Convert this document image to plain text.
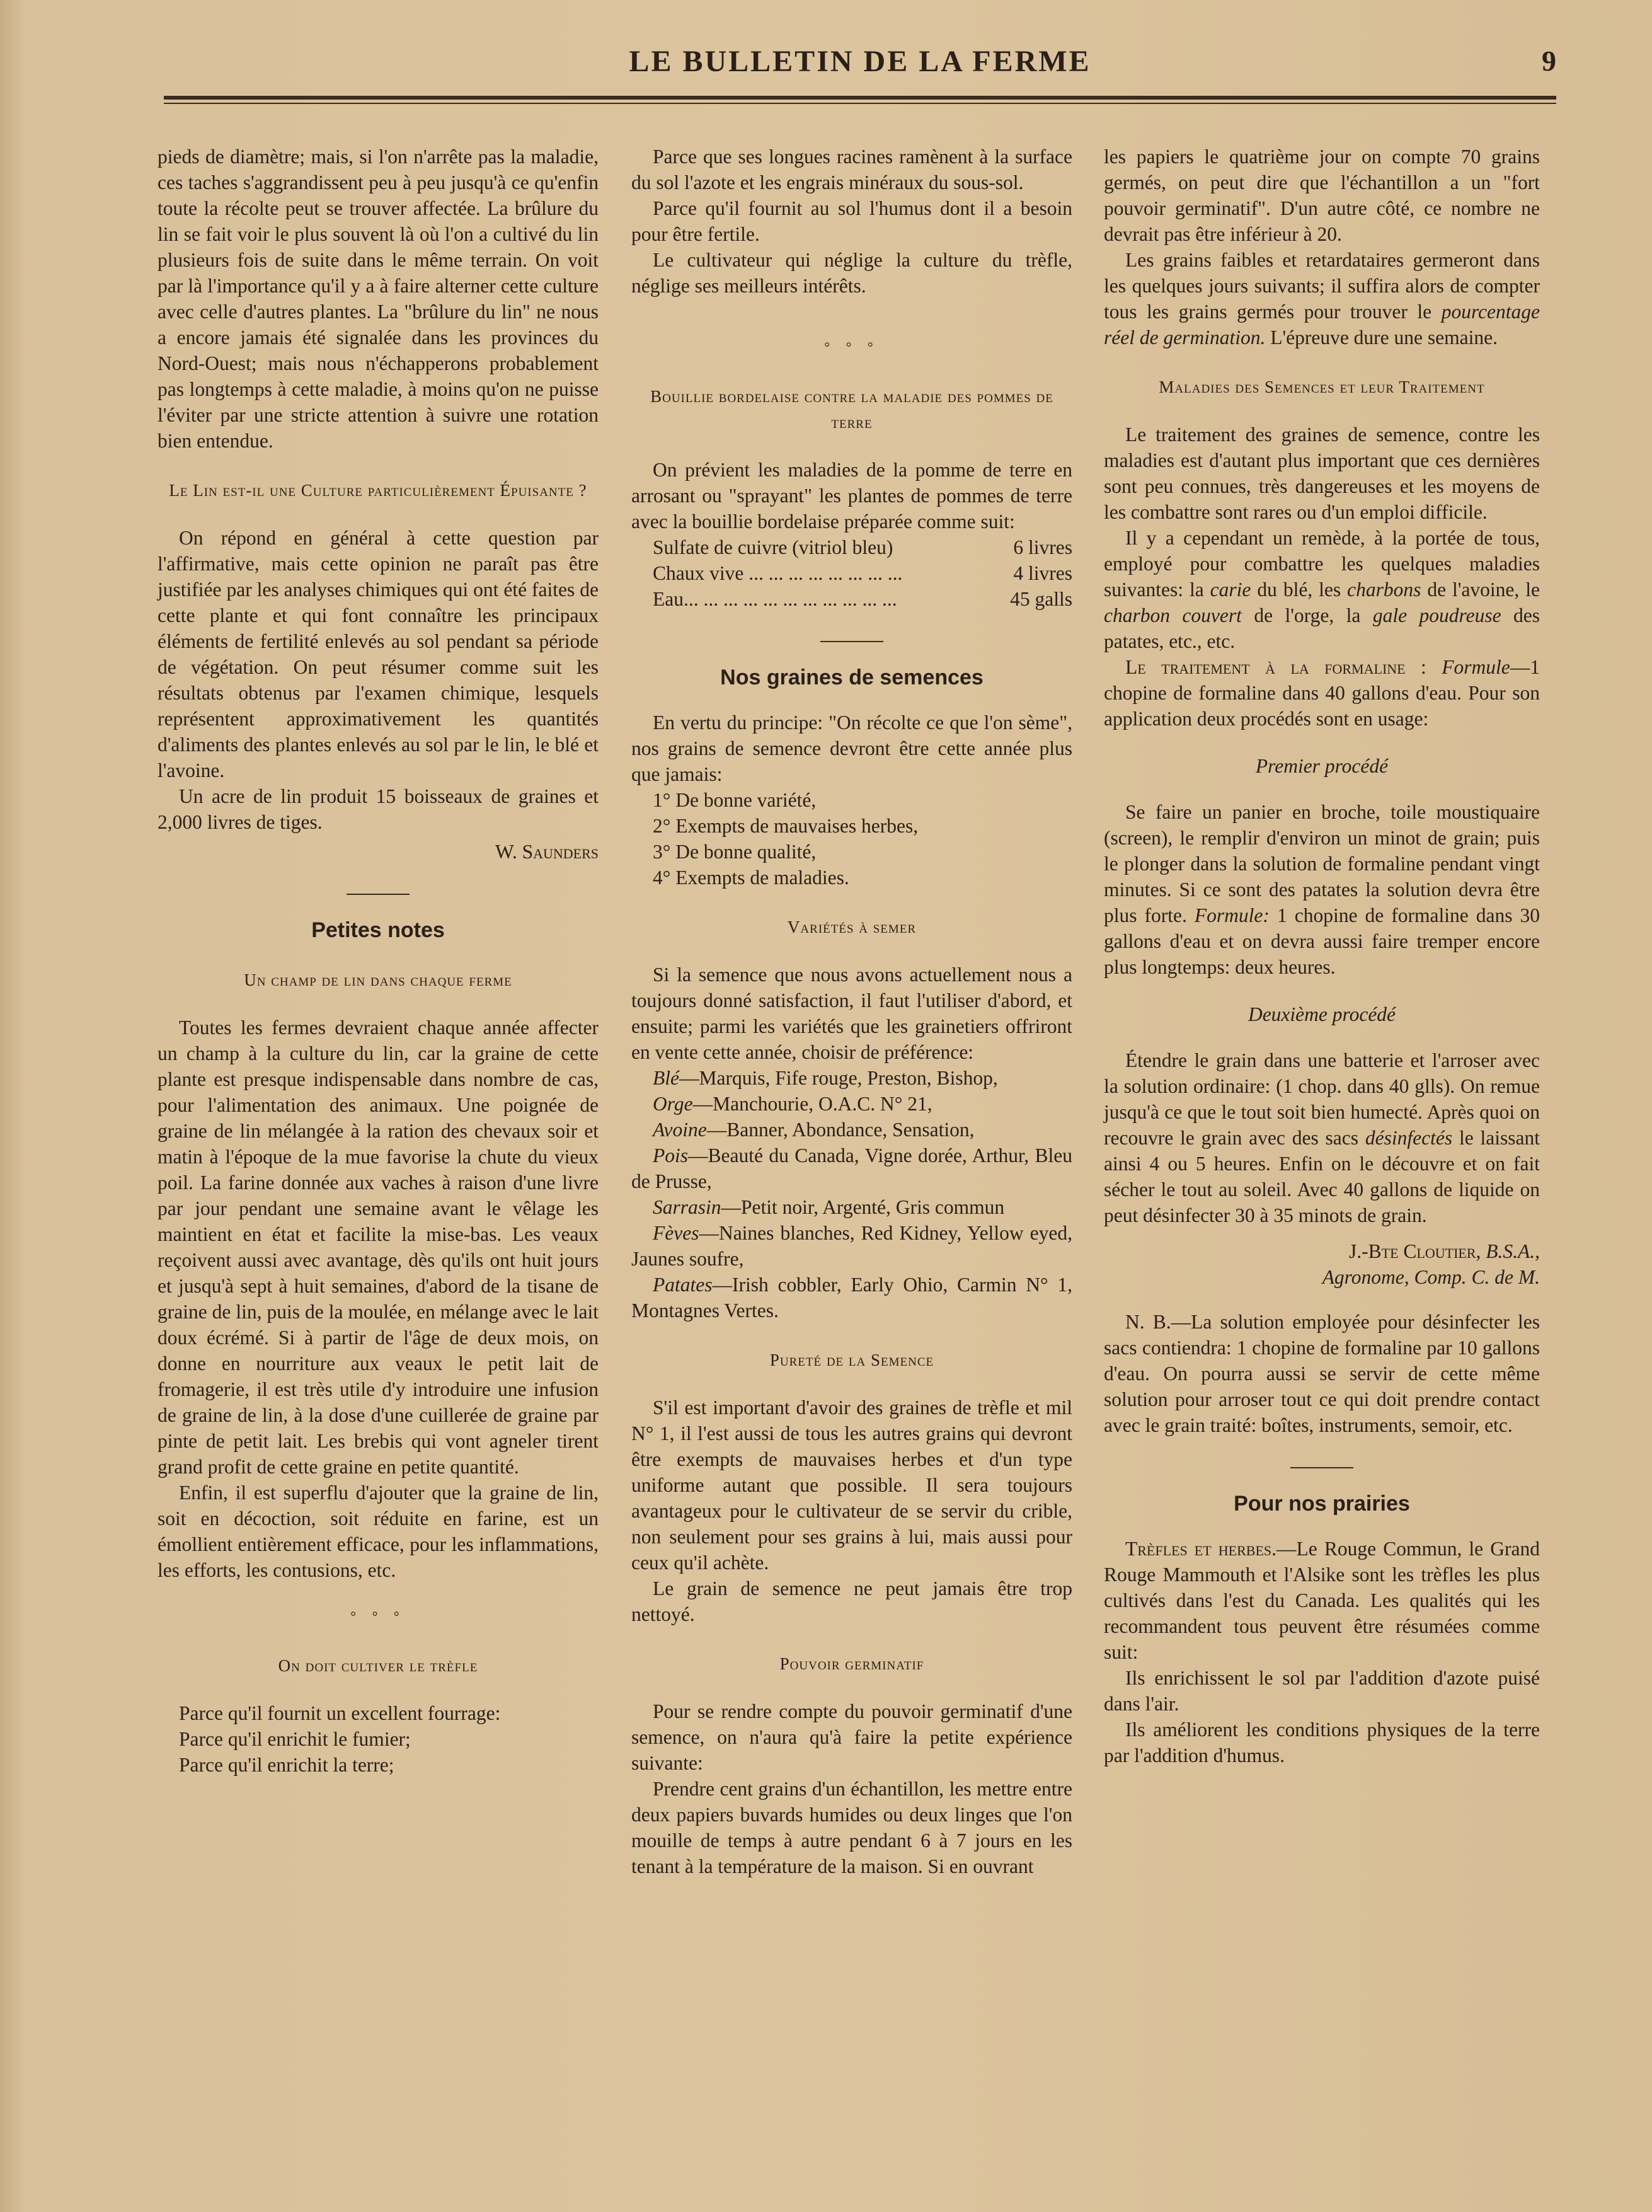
LE BULLETIN DE LA FERME	9

pieds de diamètre; mais, si l'on n'arrête pas la maladie, ces taches s'aggrandissent peu à peu jusqu'à ce qu'enfin toute la récolte peut se trouver affectée. La brûlure du lin se fait voir le plus souvent là où l'on a cultivé du lin plusieurs fois de suite dans le même terrain. On voit par là l'importance qu'il y a à faire alterner cette culture avec celle d'autres plantes. La "brûlure du lin" ne nous a encore jamais été signalée dans les provinces du Nord-Ouest; mais nous n'échapperons probablement pas longtemps à cette maladie, à moins qu'on ne puisse l'éviter par une stricte attention à suivre une rotation bien entendue.

Le Lin est-il une Culture particulièrement Épuisante ?

On répond en général à cette question par l'affirmative, mais cette opinion ne paraît pas être justifiée par les analyses chimiques qui ont été faites de cette plante et qui font connaître les principaux éléments de fertilité enlevés au sol pendant sa période de végétation. On peut résumer comme suit les résultats obtenus par l'examen chimique, lesquels représentent approximativement les quantités d'aliments des plantes enlevés au sol par le lin, le blé et l'avoine.

Un acre de lin produit 15 boisseaux de graines et 2,000 livres de tiges.

W. Saunders
Petites notes
Un champ de lin dans chaque ferme

Toutes les fermes devraient chaque année affecter un champ à la culture du lin, car la graine de cette plante est presque indispensable dans nombre de cas, pour l'alimentation des animaux. Une poignée de graine de lin mélangée à la ration des chevaux soir et matin à l'époque de la mue favorise la chute du vieux poil. La farine donnée aux vaches à raison d'une livre par jour pendant une semaine avant le vêlage les maintient en état et facilite la mise-bas. Les veaux reçoivent aussi avec avantage, dès qu'ils ont huit jours et jusqu'à sept à huit semaines, d'abord de la tisane de graine de lin, puis de la moulée, en mélange avec le lait doux écrémé. Si à partir de l'âge de deux mois, on donne en nourriture aux veaux le petit lait de fromagerie, il est très utile d'y introduire une infusion de graine de lin, à la dose d'une cuillerée de graine par pinte de petit lait. Les brebis qui vont agneler tirent grand profit de cette graine en petite quantité.

Enfin, il est superflu d'ajouter que la graine de lin, soit en décoction, soit réduite en farine, est un émollient entièrement efficace, pour les inflammations, les efforts, les contusions, etc.

° ° °
On doit cultiver le trèfle

Parce qu'il fournit un excellent fourrage:

Parce qu'il enrichit le fumier;

Parce qu'il enrichit la terre;

Parce que ses longues racines ramènent à la surface du sol l'azote et les engrais minéraux du sous-sol.

Parce qu'il fournit au sol l'humus dont il a besoin pour être fertile.

Le cultivateur qui néglige la culture du trèfle, néglige ses meilleurs intérêts.

° ° °
Bouillie bordelaise contre la maladie des pommes de terre

On prévient les maladies de la pomme de terre en arrosant ou "sprayant" les plantes de pommes de terre avec la bouillie bordelaise préparée comme suit:

Sulfate de cuivre (vitriol bleu)	6 livres
Chaux vive ... ... ... ... ... ... ... ...	4 livres
Eau... ... ... ... ... ... ... ... ... ... ...	45 galls
Nos graines de semences

En vertu du principe: "On récolte ce que l'on sème", nos grains de semence devront être cette année plus que jamais:

1° De bonne variété,

2° Exempts de mauvaises herbes,

3° De bonne qualité,

4° Exempts de maladies.

Variétés à semer

Si la semence que nous avons actuellement nous a toujours donné satisfaction, il faut l'utiliser d'abord, et ensuite; parmi les variétés que les grainetiers offriront en vente cette année, choisir de préférence:

Blé—Marquis, Fife rouge, Preston, Bishop,

Orge—Manchourie, O.A.C. N° 21,

Avoine—Banner, Abondance, Sensation,

Pois—Beauté du Canada, Vigne dorée, Arthur, Bleu de Prusse,

Sarrasin—Petit noir, Argenté, Gris commun

Fèves—Naines blanches, Red Kidney, Yellow eyed, Jaunes soufre,

Patates—Irish cobbler, Early Ohio, Carmin N° 1, Montagnes Vertes.

Pureté de la Semence

S'il est important d'avoir des graines de trèfle et mil N° 1, il l'est aussi de tous les autres grains qui devront être exempts de mauvaises herbes et d'un type uniforme autant que possible. Il sera toujours avantageux pour le cultivateur de se servir du crible, non seulement pour ses grains à lui, mais aussi pour ceux qu'il achète.

Le grain de semence ne peut jamais être trop nettoyé.

Pouvoir germinatif

Pour se rendre compte du pouvoir germinatif d'une semence, on n'aura qu'à faire la petite expérience suivante:

Prendre cent grains d'un échantillon, les mettre entre deux papiers buvards humides ou deux linges que l'on mouille de temps à autre pendant 6 à 7 jours en les tenant à la température de la maison. Si en ouvrant

les papiers le quatrième jour on compte 70 grains germés, on peut dire que l'échantillon a un "fort pouvoir germinatif". D'un autre côté, ce nombre ne devrait pas être inférieur à 20.

Les grains faibles et retardataires germeront dans les quelques jours suivants; il suffira alors de compter tous les grains germés pour trouver le pourcentage réel de germination. L'épreuve dure une semaine.

Maladies des Semences et leur Traitement

Le traitement des graines de semence, contre les maladies est d'autant plus important que ces dernières sont peu connues, très dangereuses et les moyens de les combattre sont rares ou d'un emploi difficile.

Il y a cependant un remède, à la portée de tous, employé pour combattre les quelques maladies suivantes: la carie du blé, les charbons de l'avoine, le charbon couvert de l'orge, la gale poudreuse des patates, etc., etc.

Le traitement à la formaline : Formule—1 chopine de formaline dans 40 gallons d'eau. Pour son application deux procédés sont en usage:

Premier procédé

Se faire un panier en broche, toile moustiquaire (screen), le remplir d'environ un minot de grain; puis le plonger dans la solution de formaline pendant vingt minutes. Si ce sont des patates la solution devra être plus forte. Formule: 1 chopine de formaline dans 30 gallons d'eau et on devra aussi faire tremper encore plus longtemps: deux heures.

Deuxième procédé

Étendre le grain dans une batterie et l'arroser avec la solution ordinaire: (1 chop. dans 40 glls). On remue jusqu'à ce que le tout soit bien humecté. Après quoi on recouvre le grain avec des sacs désinfectés le laissant ainsi 4 ou 5 heures. Enfin on le découvre et on fait sécher le tout au soleil. Avec 40 gallons de liquide on peut désinfecter 30 à 35 minots de grain.

J.-Bte Cloutier, B.S.A.,
Agronome, Comp. C. de M.

N. B.—La solution employée pour désinfecter les sacs contiendra: 1 chopine de formaline par 10 gallons d'eau. On pourra aussi se servir de cette même solution pour arroser tout ce qui doit prendre contact avec le grain traité: boîtes, instruments, semoir, etc.

Pour nos prairies

Trèfles et herbes.—Le Rouge Commun, le Grand Rouge Mammouth et l'Alsike sont les trèfles les plus cultivés dans l'est du Canada. Les qualités qui les recommandent tous peuvent être résumées comme suit:

Ils enrichissent le sol par l'addition d'azote puisé dans l'air.

Ils améliorent les conditions physiques de la terre par l'addition d'humus.
